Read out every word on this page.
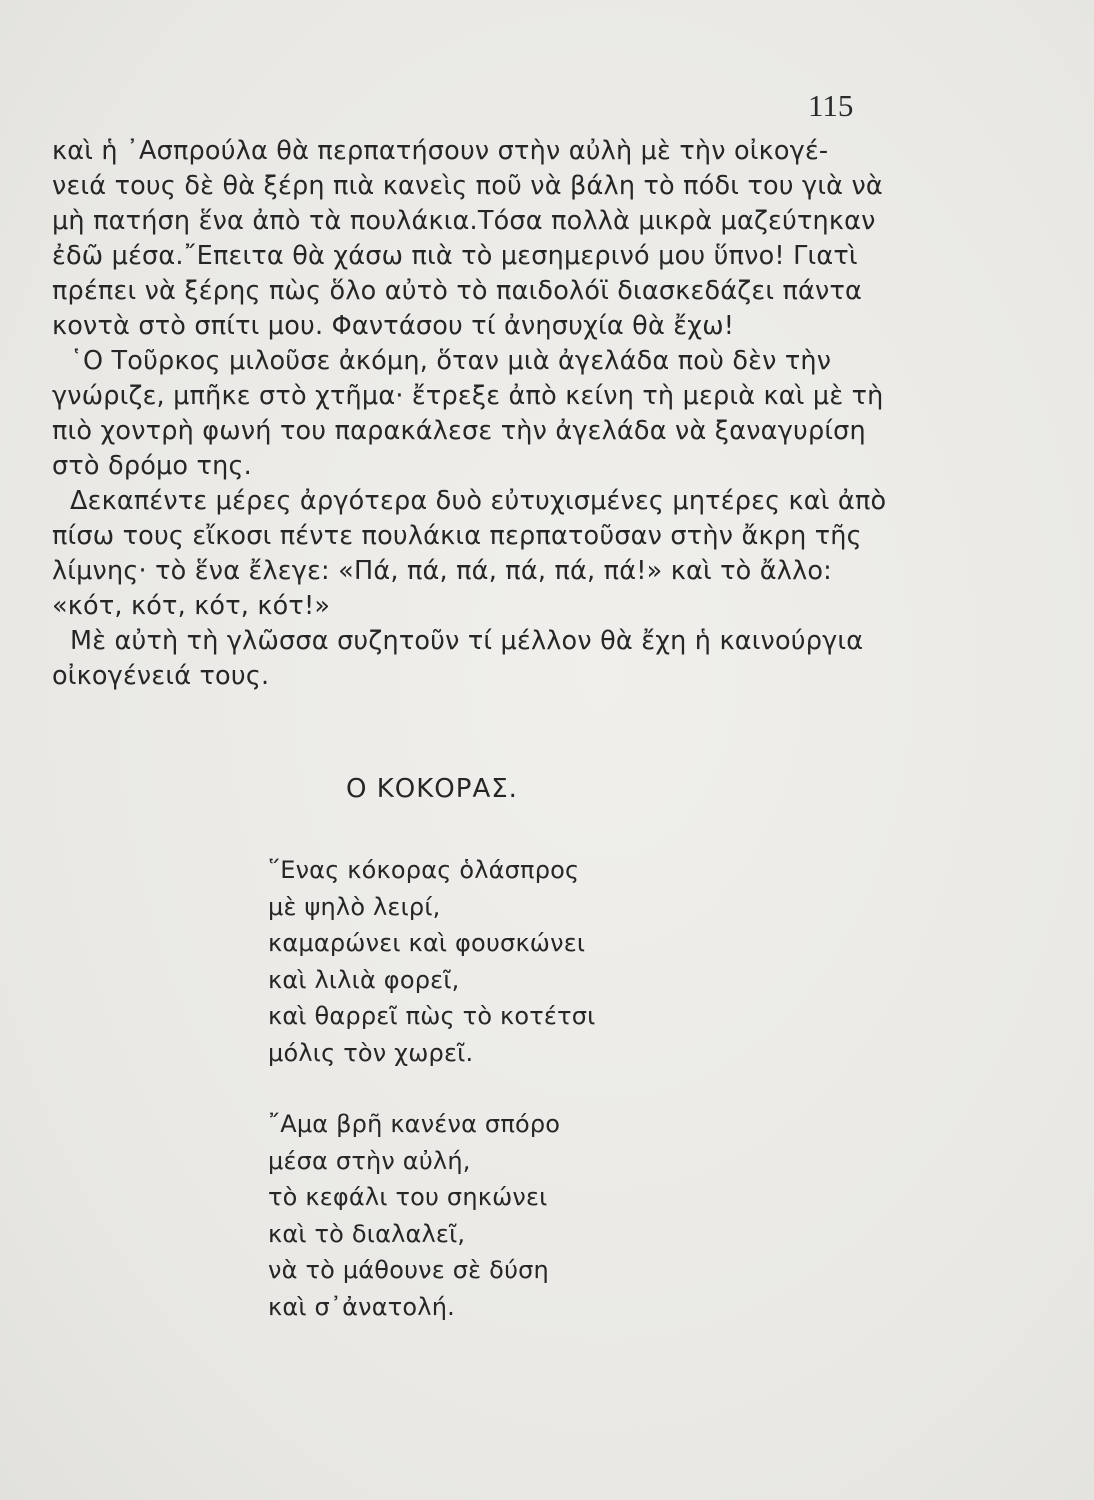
115
καὶ ἡ ᾿Ασπρούλα θὰ περπατήσουν στὴν αὐλὴ μὲ τὴν οἰκογέ-
νειά τους δὲ θὰ ξέρη πιὰ κανεὶς ποῦ νὰ βάλη τὸ πόδι του γιὰ νὰ
μὴ πατήση ἕνα ἀπὸ τὰ πουλάκια.Τόσα πολλὰ μικρὰ μαζεύτηκαν
ἐδῶ μέσα.῎Επειτα θὰ χάσω πιὰ τὸ μεσημερινό μου ὕπνο! Γιατὶ
πρέπει νὰ ξέρης πὼς ὅλο αὐτὸ τὸ παιδολόϊ διασκεδάζει πάντα
κοντὰ στὸ σπίτι μου. Φαντάσου τί ἀνησυχία θὰ ἔχω!
῾Ο Τοῦρκος μιλοῦσε ἀκόμη, ὅταν μιὰ ἀγελάδα ποὺ δὲν τὴν
γνώριζε, μπῆκε στὸ χτῆμα· ἔτρεξε ἀπὸ κείνη τὴ μεριὰ καὶ μὲ τὴ
πιὸ χοντρὴ φωνή του παρακάλεσε τὴν ἀγελάδα νὰ ξαναγυρίση
στὸ δρόμο της.
Δεκαπέντε μέρες ἀργότερα δυὸ εὐτυχισμένες μητέρες καὶ ἀπὸ
πίσω τους εἴκοσι πέντε πουλάκια περπατοῦσαν στὴν ἄκρη τῆς
λίμνης· τὸ ἕνα ἔλεγε: «Πά, πά, πά, πά, πά, πά!» καὶ τὸ ἄλλο:
«κότ, κότ, κότ, κότ!»
Μὲ αὐτὴ τὴ γλῶσσα συζητοῦν τί μέλλον θὰ ἔχη ἡ καινούργια
οἰκογένειά τους.
Ο ΚΟΚΟΡΑΣ.
῞Ενας κόκορας ὁλάσπρος
μὲ ψηλὸ λειρί,
καμαρώνει καὶ φουσκώνει
καὶ λιλιὰ φορεῖ,
καὶ θαρρεῖ πὼς τὸ κοτέτσι
μόλις τὸν χωρεῖ.
῎Αμα βρῆ κανένα σπόρο
μέσα στὴν αὐλή,
τὸ κεφάλι του σηκώνει
καὶ τὸ διαλαλεῖ,
νὰ τὸ μάθουνε σὲ δύση
καὶ σ᾿ἀνατολή.
